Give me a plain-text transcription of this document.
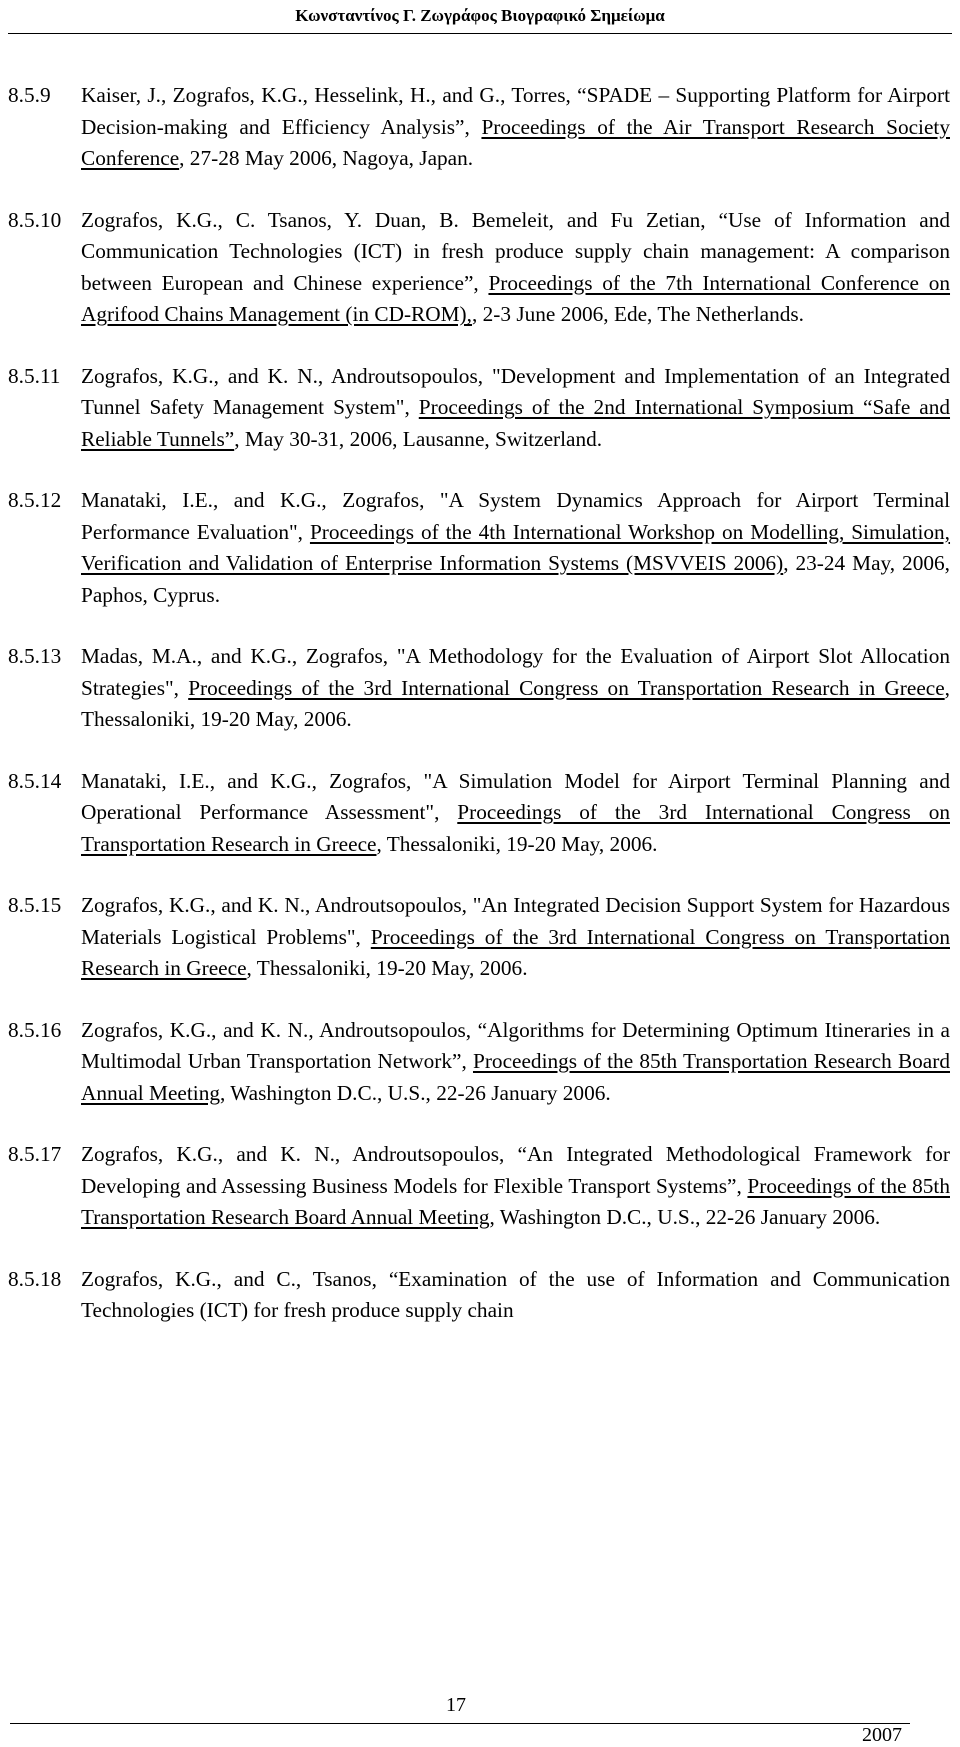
Κωνσταντίνος Γ. Ζωγράφος Βιογραφικό Σημείωμα
8.5.9 Kaiser, J., Zografos, K.G., Hesselink, H., and G., Torres, “SPADE – Supporting Platform for Airport Decision-making and Efficiency Analysis”, Proceedings of the Air Transport Research Society Conference, 27-28 May 2006, Nagoya, Japan.
8.5.10 Zografos, K.G., C. Tsanos, Y. Duan, B. Bemeleit, and Fu Zetian, “Use of Information and Communication Technologies (ICT) in fresh produce supply chain management: A comparison between European and Chinese experience”, Proceedings of the 7th International Conference on Agrifood Chains Management (in CD-ROM),, 2-3 June 2006, Ede, The Netherlands.
8.5.11 Zografos, K.G., and K. N., Androutsopoulos, "Development and Implementation of an Integrated Tunnel Safety Management System", Proceedings of the 2nd International Symposium “Safe and Reliable Tunnels”, May 30-31, 2006, Lausanne, Switzerland.
8.5.12 Manataki, I.E., and K.G., Zografos, "A System Dynamics Approach for Airport Terminal Performance Evaluation", Proceedings of the 4th International Workshop on Modelling, Simulation, Verification and Validation of Enterprise Information Systems (MSVVEIS 2006), 23-24 May, 2006, Paphos, Cyprus.
8.5.13 Madas, M.A., and K.G., Zografos, "A Methodology for the Evaluation of Airport Slot Allocation Strategies", Proceedings of the 3rd International Congress on Transportation Research in Greece, Thessaloniki, 19-20 May, 2006.
8.5.14 Manataki, I.E., and K.G., Zografos, "A Simulation Model for Airport Terminal Planning and Operational Performance Assessment", Proceedings of the 3rd International Congress on Transportation Research in Greece, Thessaloniki, 19-20 May, 2006.
8.5.15 Zografos, K.G., and K. N., Androutsopoulos, "An Integrated Decision Support System for Hazardous Materials Logistical Problems", Proceedings of the 3rd International Congress on Transportation Research in Greece, Thessaloniki, 19-20 May, 2006.
8.5.16 Zografos, K.G., and K. N., Androutsopoulos, “Algorithms for Determining Optimum Itineraries in a Multimodal Urban Transportation Network”, Proceedings of the 85th Transportation Research Board Annual Meeting, Washington D.C., U.S., 22-26 January 2006.
8.5.17 Zografos, K.G., and K. N., Androutsopoulos, “An Integrated Methodological Framework for Developing and Assessing Business Models for Flexible Transport Systems”, Proceedings of the 85th Transportation Research Board Annual Meeting, Washington D.C., U.S., 22-26 January 2006.
8.5.18 Zografos, K.G., and C., Tsanos, “Examination of the use of Information and Communication Technologies (ICT) for fresh produce supply chain
17
2007
